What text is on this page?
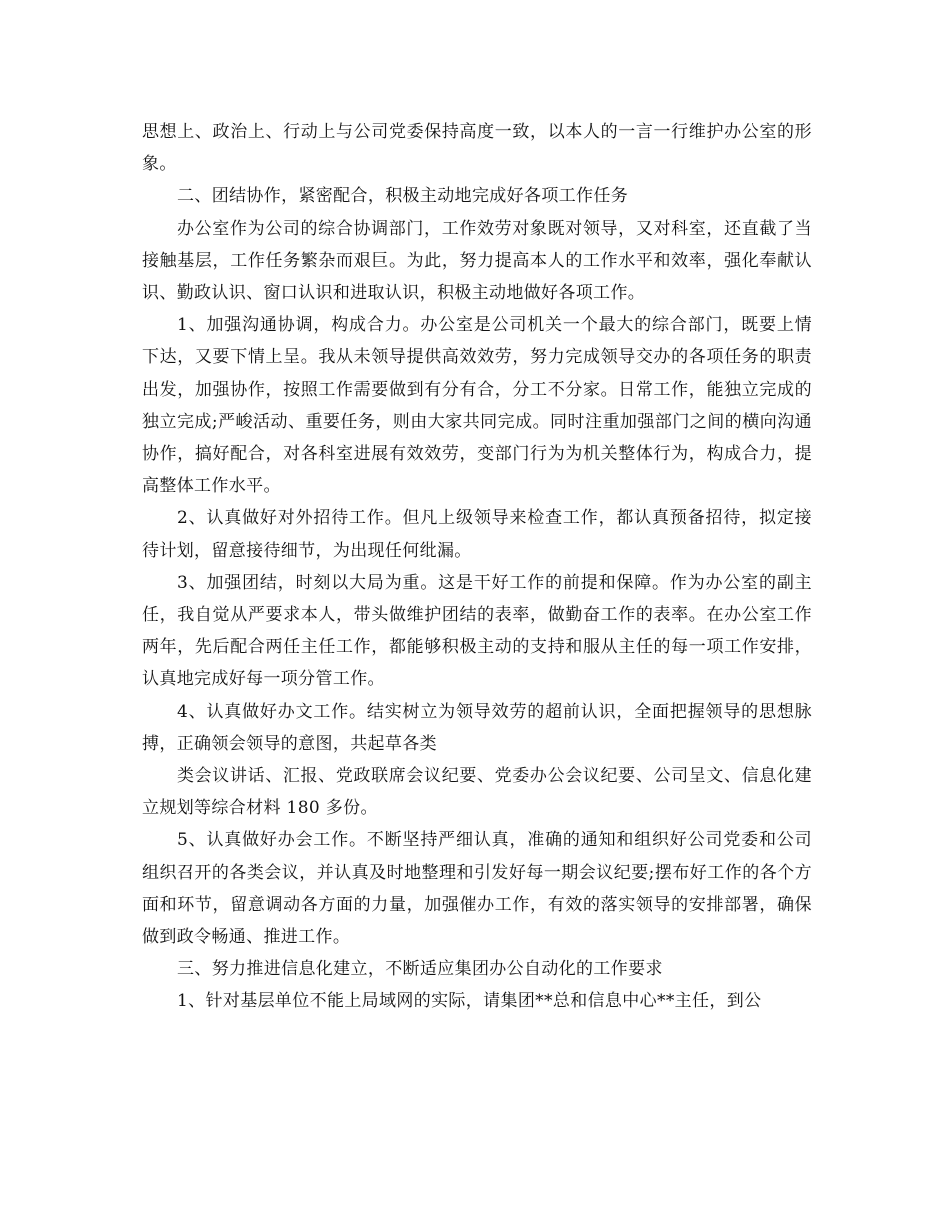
思想上、政治上、行动上与公司党委保持高度一致，以本人的一言一行维护办公室的形象。

二、团结协作，紧密配合，积极主动地完成好各项工作任务

办公室作为公司的综合协调部门，工作效劳对象既对领导，又对科室，还直截了当接触基层，工作任务繁杂而艰巨。为此，努力提高本人的工作水平和效率，强化奉献认识、勤政认识、窗口认识和进取认识，积极主动地做好各项工作。

1、加强沟通协调，构成合力。办公室是公司机关一个最大的综合部门，既要上情下达，又要下情上呈。我从未领导提供高效效劳，努力完成领导交办的各项任务的职责出发，加强协作，按照工作需要做到有分有合，分工不分家。日常工作，能独立完成的独立完成;严峻活动、重要任务，则由大家共同完成。同时注重加强部门之间的横向沟通协作，搞好配合，对各科室进展有效效劳，变部门行为为机关整体行为，构成合力，提高整体工作水平。

2、认真做好对外招待工作。但凡上级领导来检查工作，都认真预备招待，拟定接待计划，留意接待细节，为出现任何纰漏。

3、加强团结，时刻以大局为重。这是干好工作的前提和保障。作为办公室的副主任，我自觉从严要求本人，带头做维护团结的表率，做勤奋工作的表率。在办公室工作两年，先后配合两任主任工作，都能够积极主动的支持和服从主任的每一项工作安排，认真地完成好每一项分管工作。

4、认真做好办文工作。结实树立为领导效劳的超前认识，全面把握领导的思想脉搏，正确领会领导的意图，共起草各类

类会议讲话、汇报、党政联席会议纪要、党委办公会议纪要、公司呈文、信息化建立规划等综合材料 180 多份。

5、认真做好办会工作。不断坚持严细认真，准确的通知和组织好公司党委和公司组织召开的各类会议，并认真及时地整理和引发好每一期会议纪要;摆布好工作的各个方面和环节，留意调动各方面的力量，加强催办工作，有效的落实领导的安排部署，确保做到政令畅通、推进工作。

三、努力推进信息化建立，不断适应集团办公自动化的工作要求

1、针对基层单位不能上局域网的实际，请集团**总和信息中心**主任，到公
